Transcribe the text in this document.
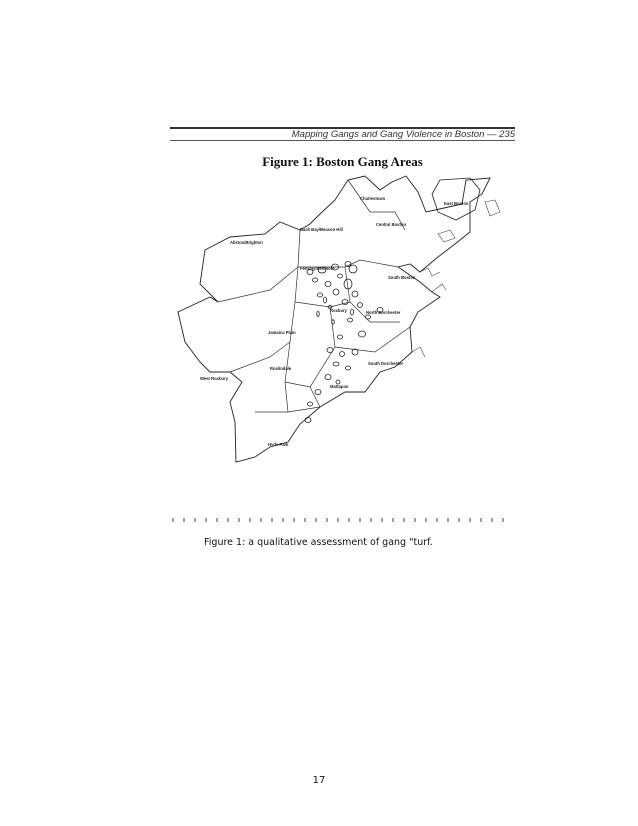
Mapping Gangs and Gang Violence in Boston — 235
Figure 1: Boston Gang Areas
Charlestown
East Boston
Central Boston
Back Bay/Beacon Hill
Allston/Brighton
Fenway/Kenmore
South Boston
Roxbury	North Dorchester
Jamaica Plain
South Dorchester
Roslindale
West Roxbury
Mattapan
Hyde Park
Figure 1: a qualitative assessment of gang "turf.
17
